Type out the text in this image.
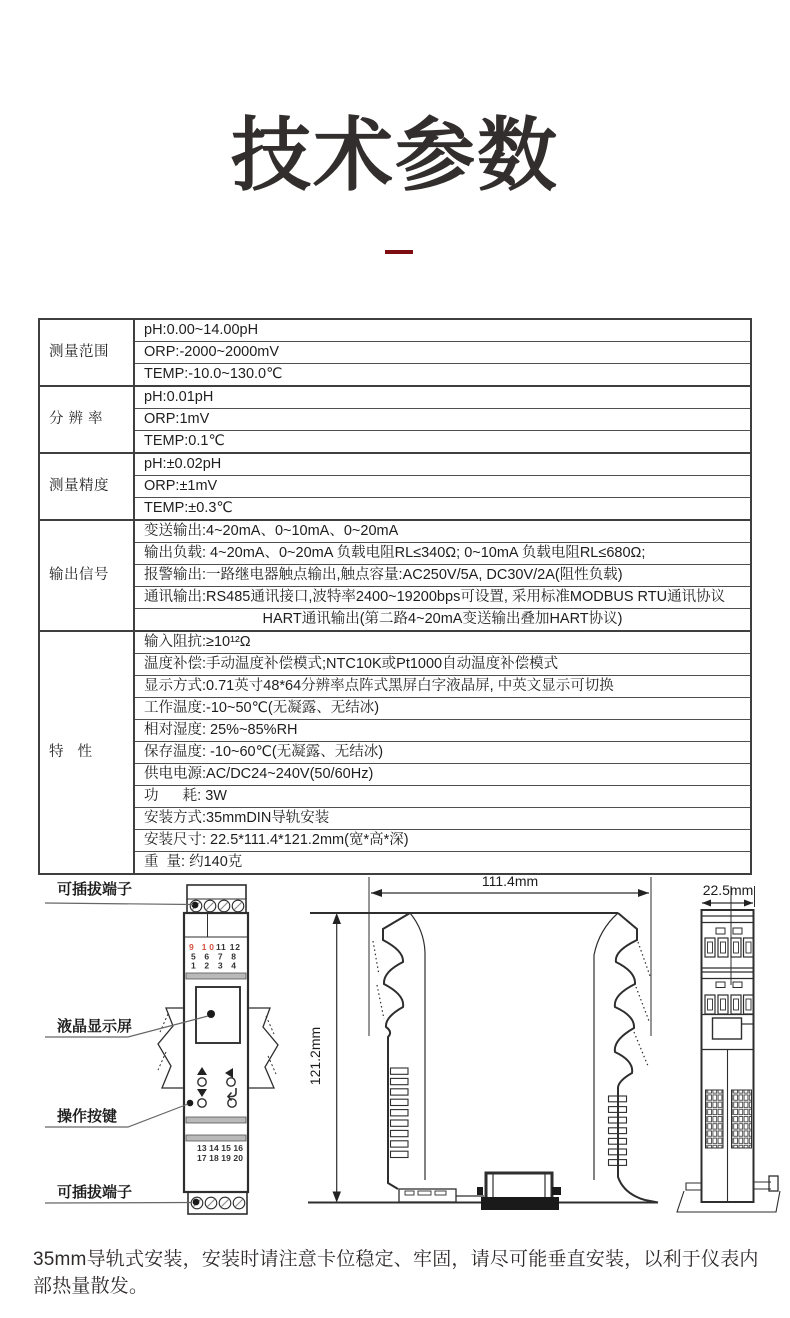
技术参数
测量范围	pH:0.00~14.00pH
	ORP:-2000~2000mV
	TEMP:-10.0~130.0℃
分 辨 率	pH:0.01pH
	ORP:1mV
	TEMP:0.1℃
测量精度	pH:±0.02pH
	ORP:±1mV
	TEMP:±0.3℃
输出信号	变送输出:4~20mA、0~10mA、0~20mA
	输出负载: 4~20mA、0~20mA 负载电阻RL≤340Ω; 0~10mA 负载电阻RL≤680Ω;
	报警输出:一路继电器触点输出,触点容量:AC250V/5A, DC30V/2A(阻性负载)
	通讯输出:RS485通讯接口,波特率2400~19200bps可设置, 采用标准MODBUS RTU通讯协议
	HART通讯输出(第二路4~20mA变送输出叠加HART协议)
特   性	输入阻抗:≥10¹²Ω
	温度补偿:手动温度补偿模式;NTC10K或Pt1000自动温度补偿模式
	显示方式:0.71英寸48*64分辨率点阵式黑屏白字液晶屏, 中英文显示可切换
	工作温度:-10~50℃(无凝露、无结冰)
	相对湿度: 25%~85%RH
	保存温度: -10~60℃(无凝露、无结冰)
	供电电源:AC/DC24~240V(50/60Hz)
	功      耗: 3W
	安装方式:35mmDIN导轨安装
	安装尺寸: 22.5*111.4*121.2mm(宽*高*深)
	重  量: 约140克
9 10 11 12
5 6 7 8
1 2 3 4
13 14 15 16
17 18 19 20
可插拔端子
液晶显示屏
操作按键
可插拔端子
111.4mm
121.2mm
22.5mm
35mm导轨式安装，安装时请注意卡位稳定、牢固，请尽可能垂直安装，以利于仪表内部热量散发。
